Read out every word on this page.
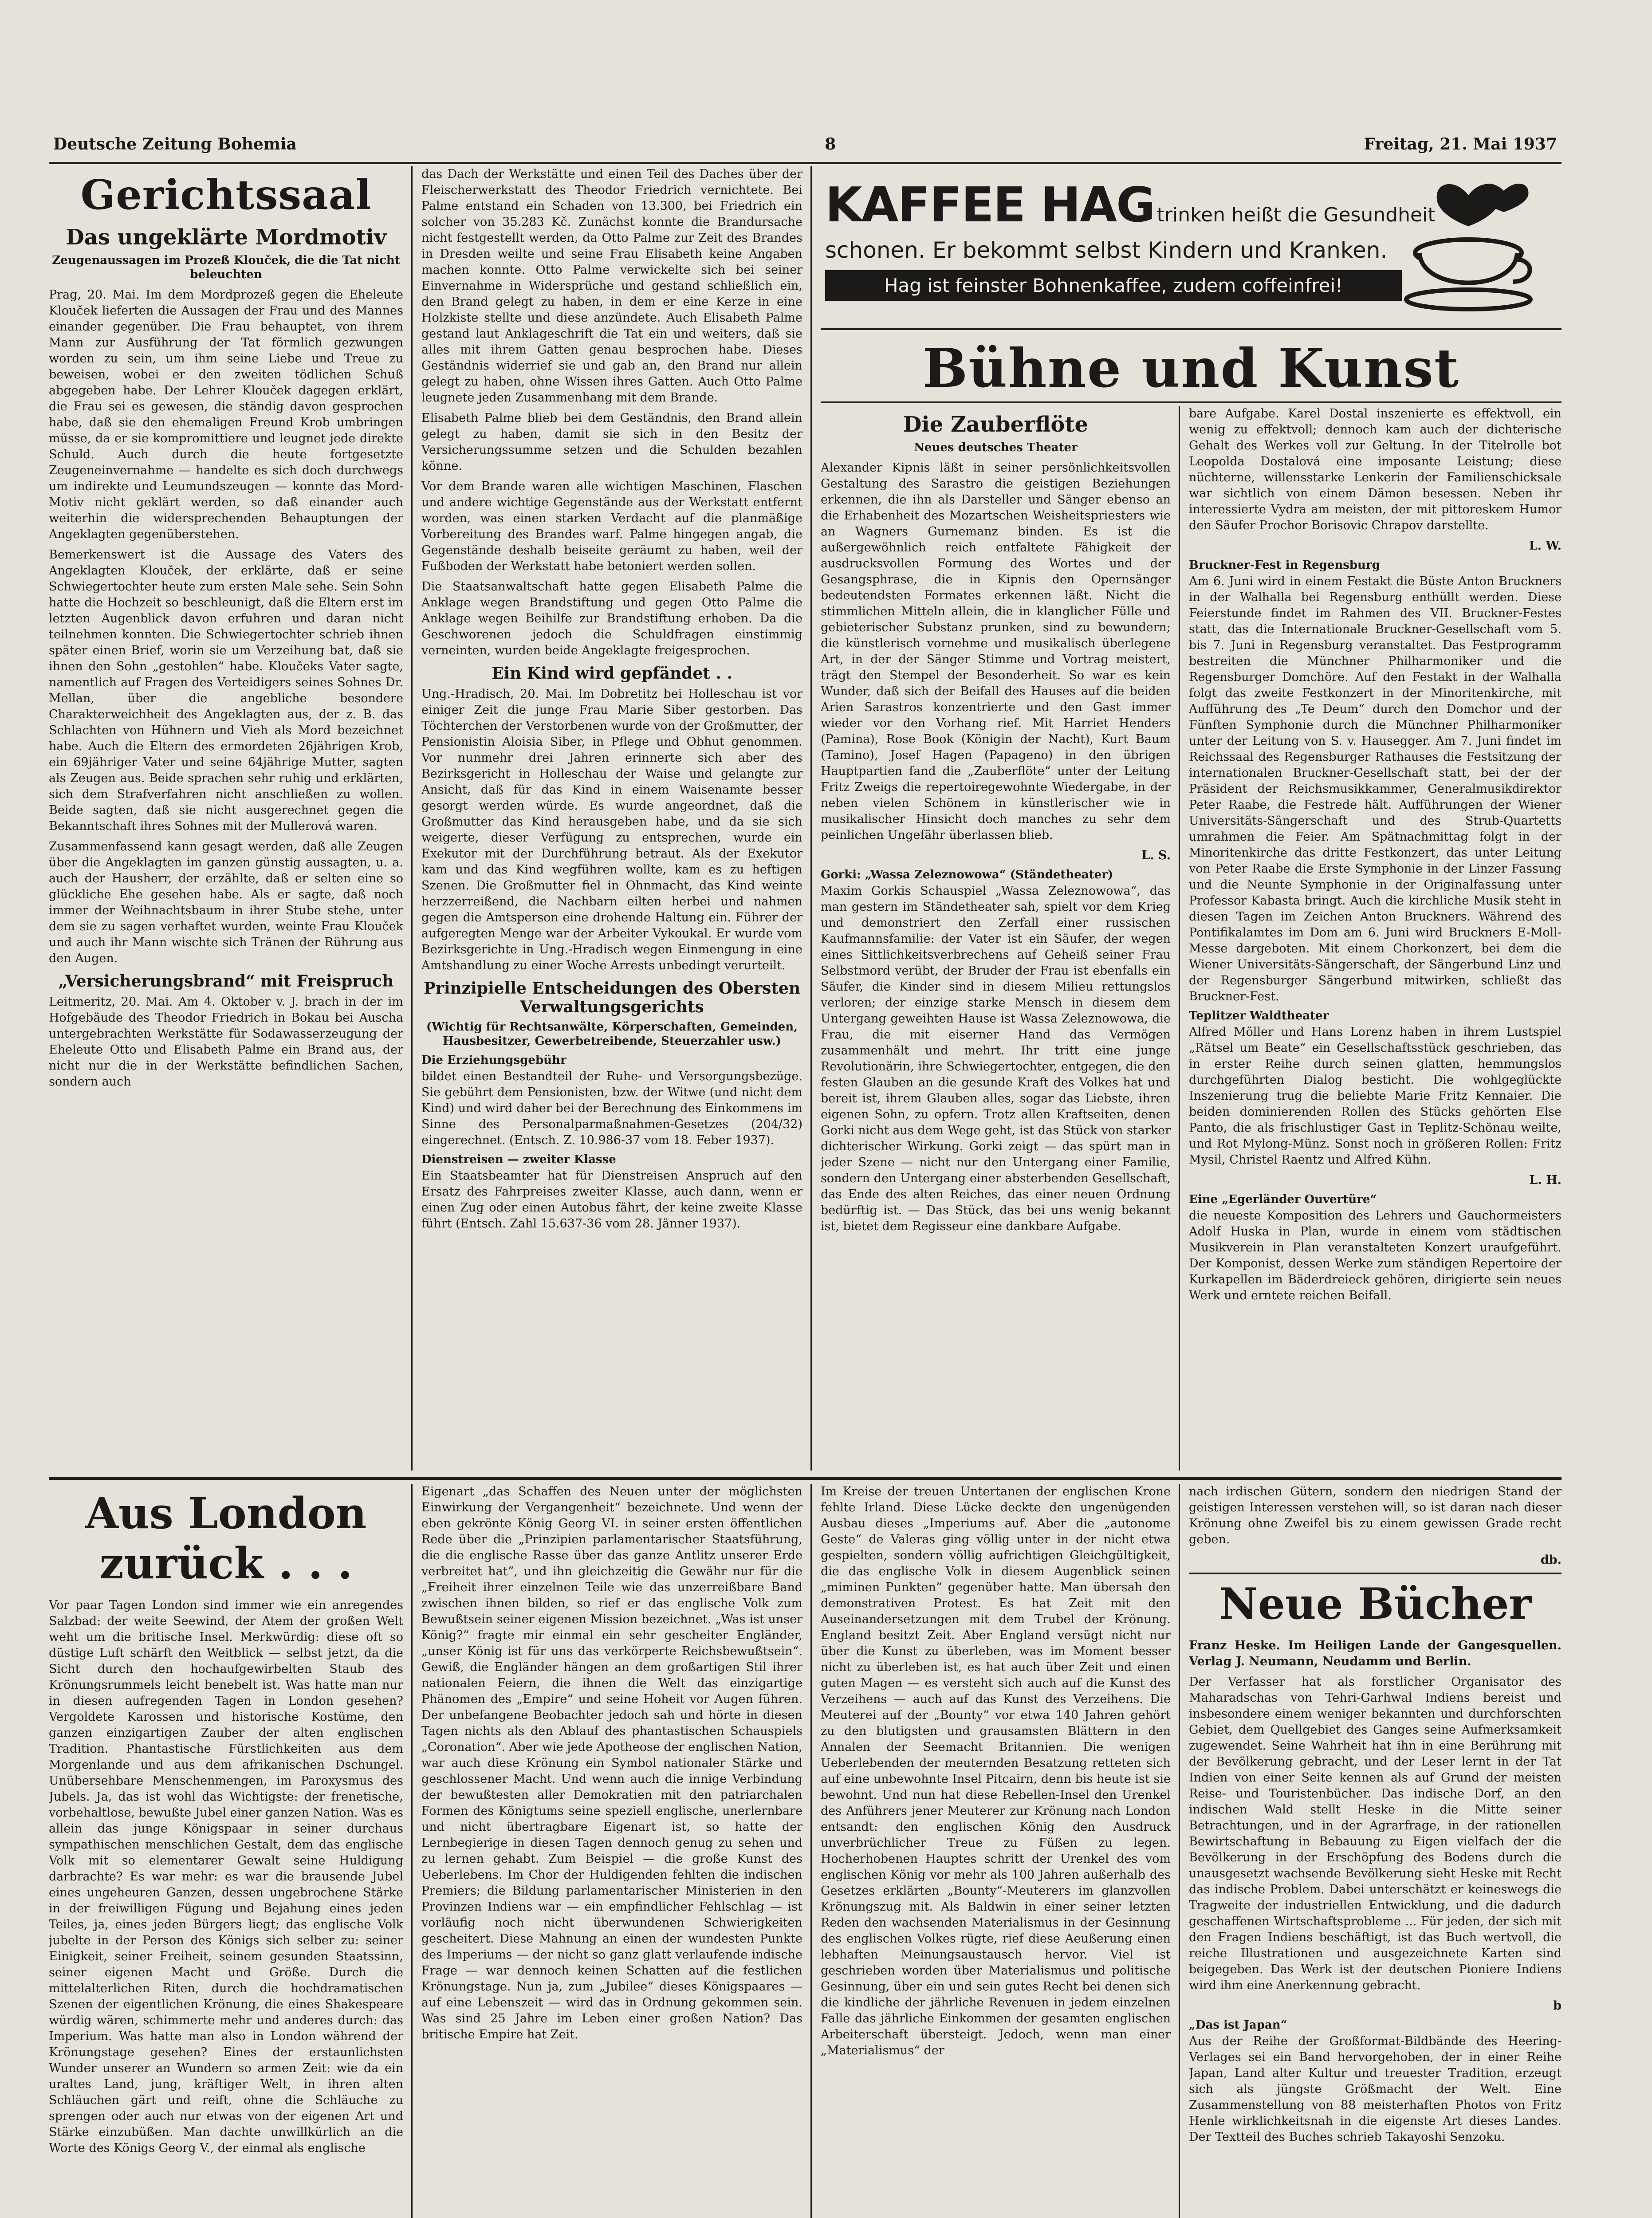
Deutsche Zeitung Bohemia	8	Freitag, 21. Mai 1937
Gerichtssaal
Das ungeklärte Mordmotiv
Zeugenaussagen im Prozeß Klouček, die die Tat nicht beleuchten

Prag, 20. Mai. Im dem Mordprozeß gegen die Eheleute Klouček lieferten die Aussagen der Frau und des Mannes einander gegenüber. Die Frau behauptet, von ihrem Mann zur Ausführung der Tat förmlich gezwungen worden zu sein, um ihm seine Liebe und Treue zu beweisen, wobei er den zweiten tödlichen Schuß abgegeben habe. Der Lehrer Klouček dagegen erklärt, die Frau sei es gewesen, die ständig davon gesprochen habe, daß sie den ehemaligen Freund Krob umbringen müsse, da er sie kompromittiere und leugnet jede direkte Schuld. Auch durch die heute fortgesetzte Zeugeneinvernahme — handelte es sich doch durchwegs um indirekte und Leumundszeugen — konnte das Mord-Motiv nicht geklärt werden, so daß einander auch weiterhin die widersprechenden Behauptungen der Angeklagten gegenüberstehen.

Bemerkenswert ist die Aussage des Vaters des Angeklagten Klouček, der erklärte, daß er seine Schwiegertochter heute zum ersten Male sehe. Sein Sohn hatte die Hochzeit so beschleunigt, daß die Eltern erst im letzten Augenblick davon erfuhren und daran nicht teilnehmen konnten. Die Schwiegertochter schrieb ihnen später einen Brief, worin sie um Verzeihung bat, daß sie ihnen den Sohn „gestohlen“ habe. Kloučeks Vater sagte, namentlich auf Fragen des Verteidigers seines Sohnes Dr. Mellan, über die angebliche besondere Charakterweichheit des Angeklagten aus, der z. B. das Schlachten von Hühnern und Vieh als Mord bezeichnet habe. Auch die Eltern des ermordeten 26jährigen Krob, ein 69jähriger Vater und seine 64jährige Mutter, sagten als Zeugen aus. Beide sprachen sehr ruhig und erklärten, sich dem Strafverfahren nicht anschließen zu wollen. Beide sagten, daß sie nicht ausgerechnet gegen die Bekanntschaft ihres Sohnes mit der Mullerová waren.

Zusammenfassend kann gesagt werden, daß alle Zeugen über die Angeklagten im ganzen günstig aussagten, u. a. auch der Hausherr, der erzählte, daß er selten eine so glückliche Ehe gesehen habe. Als er sagte, daß noch immer der Weihnachtsbaum in ihrer Stube stehe, unter dem sie zu sagen verhaftet wurden, weinte Frau Klouček und auch ihr Mann wischte sich Tränen der Rührung aus den Augen.

„Versicherungsbrand“ mit Freispruch

Leitmeritz, 20. Mai. Am 4. Oktober v. J. brach in der im Hofgebäude des Theodor Friedrich in Bokau bei Auscha untergebrachten Werkstätte für Sodawasserzeugung der Eheleute Otto und Elisabeth Palme ein Brand aus, der nicht nur die in der Werkstätte befindlichen Sachen, sondern auch

das Dach der Werkstätte und einen Teil des Daches über der Fleischerwerkstatt des Theodor Friedrich vernichtete. Bei Palme entstand ein Schaden von 13.300, bei Friedrich ein solcher von 35.283 Kč. Zunächst konnte die Brandursache nicht festgestellt werden, da Otto Palme zur Zeit des Brandes in Dresden weilte und seine Frau Elisabeth keine Angaben machen konnte. Otto Palme verwickelte sich bei seiner Einvernahme in Widersprüche und gestand schließlich ein, den Brand gelegt zu haben, in dem er eine Kerze in eine Holzkiste stellte und diese anzündete. Auch Elisabeth Palme gestand laut Anklageschrift die Tat ein und weiters, daß sie alles mit ihrem Gatten genau besprochen habe. Dieses Geständnis widerrief sie und gab an, den Brand nur allein gelegt zu haben, ohne Wissen ihres Gatten. Auch Otto Palme leugnete jeden Zusammenhang mit dem Brande.

Elisabeth Palme blieb bei dem Geständnis, den Brand allein gelegt zu haben, damit sie sich in den Besitz der Versicherungssumme setzen und die Schulden bezahlen könne.

Vor dem Brande waren alle wichtigen Maschinen, Flaschen und andere wichtige Gegenstände aus der Werkstatt entfernt worden, was einen starken Verdacht auf die planmäßige Vorbereitung des Brandes warf. Palme hingegen angab, die Gegenstände deshalb beiseite geräumt zu haben, weil der Fußboden der Werkstatt habe betoniert werden sollen.

Die Staatsanwaltschaft hatte gegen Elisabeth Palme die Anklage wegen Brandstiftung und gegen Otto Palme die Anklage wegen Beihilfe zur Brandstiftung erhoben. Da die Geschworenen jedoch die Schuldfragen einstimmig verneinten, wurden beide Angeklagte freigesprochen.

Ein Kind wird gepfändet . .

Ung.-Hradisch, 20. Mai. Im Dobretitz bei Holleschau ist vor einiger Zeit die junge Frau Marie Siber gestorben. Das Töchterchen der Verstorbenen wurde von der Großmutter, der Pensionistin Aloisia Siber, in Pflege und Obhut genommen. Vor nunmehr drei Jahren erinnerte sich aber des Bezirksgericht in Holleschau der Waise und gelangte zur Ansicht, daß für das Kind in einem Waisenamte besser gesorgt werden würde. Es wurde angeordnet, daß die Großmutter das Kind herausgeben habe, und da sie sich weigerte, dieser Verfügung zu entsprechen, wurde ein Exekutor mit der Durchführung betraut. Als der Exekutor kam und das Kind wegführen wollte, kam es zu heftigen Szenen. Die Großmutter fiel in Ohnmacht, das Kind weinte herzzerreißend, die Nachbarn eilten herbei und nahmen gegen die Amtsperson eine drohende Haltung ein. Führer der aufgeregten Menge war der Arbeiter Vykoukal. Er wurde vom Bezirksgerichte in Ung.-Hradisch wegen Einmengung in eine Amtshandlung zu einer Woche Arrests unbedingt verurteilt.

Prinzipielle Entscheidungen des Obersten Verwaltungsgerichts
(Wichtig für Rechtsanwälte, Körperschaften, Gemeinden, Hausbesitzer, Gewerbetreibende, Steuerzahler usw.)
Die Erziehungsgebühr

bildet einen Bestandteil der Ruhe- und Versorgungsbezüge. Sie gebührt dem Pensionisten, bzw. der Witwe (und nicht dem Kind) und wird daher bei der Berechnung des Einkommens im Sinne des Personalparmaßnahmen-Gesetzes (204/32) eingerechnet. (Entsch. Z. 10.986-37 vom 18. Feber 1937).

Dienstreisen — zweiter Klasse

Ein Staatsbeamter hat für Dienstreisen Anspruch auf den Ersatz des Fahrpreises zweiter Klasse, auch dann, wenn er einen Zug oder einen Autobus fährt, der keine zweite Klasse führt (Entsch. Zahl 15.637-36 vom 28. Jänner 1937).

KAFFEE HAG trinken heißt die Gesundheit
schonen. Er bekommt selbst Kindern und Kranken.
Hag ist feinster Bohnenkaffee, zudem coffeinfrei!
Bühne und Kunst
Die Zauberflöte
Neues deutsches Theater

Alexander Kipnis läßt in seiner persönlichkeitsvollen Gestaltung des Sarastro die geistigen Beziehungen erkennen, die ihn als Darsteller und Sänger ebenso an die Erhabenheit des Mozartschen Weisheitspriesters wie an Wagners Gurnemanz binden. Es ist die außergewöhnlich reich entfaltete Fähigkeit der ausdrucksvollen Formung des Wortes und der Gesangsphrase, die in Kipnis den Opernsänger bedeutendsten Formates erkennen läßt. Nicht die stimmlichen Mitteln allein, die in klanglicher Fülle und gebieterischer Substanz prunken, sind zu bewundern; die künstlerisch vornehme und musikalisch überlegene Art, in der der Sänger Stimme und Vortrag meistert, trägt den Stempel der Besonderheit. So war es kein Wunder, daß sich der Beifall des Hauses auf die beiden Arien Sarastros konzentrierte und den Gast immer wieder vor den Vorhang rief. Mit Harriet Henders (Pamina), Rose Book (Königin der Nacht), Kurt Baum (Tamino), Josef Hagen (Papageno) in den übrigen Hauptpartien fand die „Zauberflöte“ unter der Leitung Fritz Zweigs die repertoiregewohnte Wiedergabe, in der neben vielen Schönem in künstlerischer wie in musikalischer Hinsicht doch manches zu sehr dem peinlichen Ungefähr überlassen blieb.

L. S.

Gorki: „Wassa Zeleznowowa“ (Ständetheater)

Maxim Gorkis Schauspiel „Wassa Zeleznowowa“, das man gestern im Ständetheater sah, spielt vor dem Krieg und demonstriert den Zerfall einer russischen Kaufmannsfamilie: der Vater ist ein Säufer, der wegen eines Sittlichkeitsverbrechens auf Geheiß seiner Frau Selbstmord verübt, der Bruder der Frau ist ebenfalls ein Säufer, die Kinder sind in diesem Milieu rettungslos verloren; der einzige starke Mensch in diesem dem Untergang geweihten Hause ist Wassa Zeleznowowa, die Frau, die mit eiserner Hand das Vermögen zusammenhält und mehrt. Ihr tritt eine junge Revolutionärin, ihre Schwiegertochter, entgegen, die den festen Glauben an die gesunde Kraft des Volkes hat und bereit ist, ihrem Glauben alles, sogar das Liebste, ihren eigenen Sohn, zu opfern. Trotz allen Kraftseiten, denen Gorki nicht aus dem Wege geht, ist das Stück von starker dichterischer Wirkung. Gorki zeigt — das spürt man in jeder Szene — nicht nur den Untergang einer Familie, sondern den Untergang einer absterbenden Gesellschaft, das Ende des alten Reiches, das einer neuen Ordnung bedürftig ist. — Das Stück, das bei uns wenig bekannt ist, bietet dem Regisseur eine dankbare Aufgabe.

bare Aufgabe. Karel Dostal inszenierte es effektvoll, ein wenig zu effektvoll; dennoch kam auch der dichterische Gehalt des Werkes voll zur Geltung. In der Titelrolle bot Leopolda Dostalová eine imposante Leistung; diese nüchterne, willensstarke Lenkerin der Familienschicksale war sichtlich von einem Dämon besessen. Neben ihr interessierte Vydra am meisten, der mit pittoreskem Humor den Säufer Prochor Borisovic Chrapov darstellte.

L. W.

Bruckner-Fest in Regensburg

Am 6. Juni wird in einem Festakt die Büste Anton Bruckners in der Walhalla bei Regensburg enthüllt werden. Diese Feierstunde findet im Rahmen des VII. Bruckner-Festes statt, das die Internationale Bruckner-Gesellschaft vom 5. bis 7. Juni in Regensburg veranstaltet. Das Festprogramm bestreiten die Münchner Philharmoniker und die Regensburger Domchöre. Auf den Festakt in der Walhalla folgt das zweite Festkonzert in der Minoritenkirche, mit Aufführung des „Te Deum“ durch den Domchor und der Fünften Symphonie durch die Münchner Philharmoniker unter der Leitung von S. v. Hausegger. Am 7. Juni findet im Reichssaal des Regensburger Rathauses die Festsitzung der internationalen Bruckner-Gesellschaft statt, bei der der Präsident der Reichsmusikkammer, Generalmusikdirektor Peter Raabe, die Festrede hält. Aufführungen der Wiener Universitäts-Sängerschaft und des Strub-Quartetts umrahmen die Feier. Am Spätnachmittag folgt in der Minoritenkirche das dritte Festkonzert, das unter Leitung von Peter Raabe die Erste Symphonie in der Linzer Fassung und die Neunte Symphonie in der Originalfassung unter Professor Kabasta bringt. Auch die kirchliche Musik steht in diesen Tagen im Zeichen Anton Bruckners. Während des Pontifikalamtes im Dom am 6. Juni wird Bruckners E-Moll-Messe dargeboten. Mit einem Chorkonzert, bei dem die Wiener Universitäts-Sängerschaft, der Sängerbund Linz und der Regensburger Sängerbund mitwirken, schließt das Bruckner-Fest.

Teplitzer Waldtheater

Alfred Möller und Hans Lorenz haben in ihrem Lustspiel „Rätsel um Beate“ ein Gesellschaftsstück geschrieben, das in erster Reihe durch seinen glatten, hemmungslos durchgeführten Dialog besticht. Die wohlgeglückte Inszenierung trug die beliebte Marie Fritz Kennaier. Die beiden dominierenden Rollen des Stücks gehörten Else Panto, die als frischlustiger Gast in Teplitz-Schönau weilte, und Rot Mylong-Münz. Sonst noch in größeren Rollen: Fritz Mysil, Christel Raentz und Alfred Kühn.

L. H.

Eine „Egerländer Ouvertüre“

die neueste Komposition des Lehrers und Gauchormeisters Adolf Huska in Plan, wurde in einem vom städtischen Musikverein in Plan veranstalteten Konzert uraufgeführt. Der Komponist, dessen Werke zum ständigen Repertoire der Kurkapellen im Bäderdreieck gehören, dirigierte sein neues Werk und erntete reichen Beifall.

Aus London zurück . . .

Vor paar Tagen London sind immer wie ein anregendes Salzbad: der weite Seewind, der Atem der großen Welt weht um die britische Insel. Merkwürdig: diese oft so düstige Luft schärft den Weitblick — selbst jetzt, da die Sicht durch den hochaufgewirbelten Staub des Krönungsrummels leicht benebelt ist. Was hatte man nur in diesen aufregenden Tagen in London gesehen? Vergoldete Karossen und historische Kostüme, den ganzen einzigartigen Zauber der alten englischen Tradition. Phantastische Fürstlichkeiten aus dem Morgenlande und aus dem afrikanischen Dschungel. Unübersehbare Menschenmengen, im Paroxysmus des Jubels. Ja, das ist wohl das Wichtigste: der frenetische, vorbehaltlose, bewußte Jubel einer ganzen Nation. Was es allein das junge Königspaar in seiner durchaus sympathischen menschlichen Gestalt, dem das englische Volk mit so elementarer Gewalt seine Huldigung darbrachte? Es war mehr: es war die brausende Jubel eines ungeheuren Ganzen, dessen ungebrochene Stärke in der freiwilligen Fügung und Bejahung eines jeden Teiles, ja, eines jeden Bürgers liegt; das englische Volk jubelte in der Person des Königs sich selber zu: seiner Einigkeit, seiner Freiheit, seinem gesunden Staatssinn, seiner eigenen Macht und Größe. Durch die mittelalterlichen Riten, durch die hochdramatischen Szenen der eigentlichen Krönung, die eines Shakespeare würdig wären, schimmerte mehr und anderes durch: das Imperium. Was hatte man also in London während der Krönungstage gesehen? Eines der erstaunlichsten Wunder unserer an Wundern so armen Zeit: wie da ein uraltes Land, jung, kräftiger Welt, in ihren alten Schläuchen gärt und reift, ohne die Schläuche zu sprengen oder auch nur etwas von der eigenen Art und Stärke einzubüßen. Man dachte unwillkürlich an die Worte des Königs Georg V., der einmal als englische

Eigenart „das Schaffen des Neuen unter der möglichsten Einwirkung der Vergangenheit“ bezeichnete. Und wenn der eben gekrönte König Georg VI. in seiner ersten öffentlichen Rede über die „Prinzipien parlamentarischer Staatsführung, die die englische Rasse über das ganze Antlitz unserer Erde verbreitet hat“, und ihn gleichzeitig die Gewähr nur für die „Freiheit ihrer einzelnen Teile wie das unzerreißbare Band zwischen ihnen bilden, so rief er das englische Volk zum Bewußtsein seiner eigenen Mission bezeichnet. „Was ist unser König?“ fragte mir einmal ein sehr gescheiter Engländer, „unser König ist für uns das verkörperte Reichsbewußtsein“. Gewiß, die Engländer hängen an dem großartigen Stil ihrer nationalen Feiern, die ihnen die Welt das einzigartige Phänomen des „Empire“ und seine Hoheit vor Augen führen. Der unbefangene Beobachter jedoch sah und hörte in diesen Tagen nichts als den Ablauf des phantastischen Schauspiels „Coronation“. Aber wie jede Apotheose der englischen Nation, war auch diese Krönung ein Symbol nationaler Stärke und geschlossener Macht. Und wenn auch die innige Verbindung der bewußtesten aller Demokratien mit den patriarchalen Formen des Königtums seine speziell englische, unerlernbare und nicht übertragbare Eigenart ist, so hatte der Lernbegierige in diesen Tagen dennoch genug zu sehen und zu lernen gehabt. Zum Beispiel — die große Kunst des Ueberlebens. Im Chor der Huldigenden fehlten die indischen Premiers; die Bildung parlamentarischer Ministerien in den Provinzen Indiens war — ein empfindlicher Fehlschlag — ist vorläufig noch nicht überwundenen Schwierigkeiten gescheitert. Diese Mahnung an einen der wundesten Punkte des Imperiums — der nicht so ganz glatt verlaufende indische Frage — war dennoch keinen Schatten auf die festlichen Krönungstage. Nun ja, zum „Jubilee“ dieses Königspaares — auf eine Lebenszeit — wird das in Ordnung gekommen sein. Was sind 25 Jahre im Leben einer großen Nation? Das britische Empire hat Zeit.

Im Kreise der treuen Untertanen der englischen Krone fehlte Irland. Diese Lücke deckte den ungenügenden Ausbau dieses „Imperiums auf. Aber die „autonome Geste“ de Valeras ging völlig unter in der nicht etwa gespielten, sondern völlig aufrichtigen Gleichgültigkeit, die das englische Volk in diesem Augenblick seinen „miminen Punkten“ gegenüber hatte. Man übersah den demonstrativen Protest. Es hat Zeit mit den Auseinandersetzungen mit dem Trubel der Krönung. England besitzt Zeit. Aber England versügt nicht nur über die Kunst zu überleben, was im Moment besser nicht zu überleben ist, es hat auch über Zeit und einen guten Magen — es versteht sich auch auf die Kunst des Verzeihens — auch auf das Kunst des Verzeihens. Die Meuterei auf der „Bounty“ vor etwa 140 Jahren gehört zu den blutigsten und grausamsten Blättern in den Annalen der Seemacht Britannien. Die wenigen Ueberlebenden der meuternden Besatzung retteten sich auf eine unbewohnte Insel Pitcairn, denn bis heute ist sie bewohnt. Und nun hat diese Rebellen-Insel den Urenkel des Anführers jener Meuterer zur Krönung nach London entsandt: den englischen König den Ausdruck unverbrüchlicher Treue zu Füßen zu legen. Hocherhobenen Hauptes schritt der Urenkel des vom englischen König vor mehr als 100 Jahren außerhalb des Gesetzes erklärten „Bounty“-Meuterers im glanzvollen Krönungszug mit. Als Baldwin in einer seiner letzten Reden den wachsenden Materialismus in der Gesinnung des englischen Volkes rügte, rief diese Aeußerung einen lebhaften Meinungsaustausch hervor. Viel ist geschrieben worden über Materialismus und politische Gesinnung, über ein und sein gutes Recht bei denen sich die kindliche der jährliche Revenuen in jedem einzelnen Falle das jährliche Einkommen der gesamten englischen Arbeiterschaft übersteigt. Jedoch, wenn man einer „Materialismus“ der

nach irdischen Gütern, sondern den niedrigen Stand der geistigen Interessen verstehen will, so ist daran nach dieser Krönung ohne Zweifel bis zu einem gewissen Grade recht geben.

db.

Neue Bücher

Franz Heske. Im Heiligen Lande der Gangesquellen. Verlag J. Neumann, Neudamm und Berlin.

Der Verfasser hat als forstlicher Organisator des Maharadschas von Tehri-Garhwal Indiens bereist und insbesondere einem weniger bekannten und durchforschten Gebiet, dem Quellgebiet des Ganges seine Aufmerksamkeit zugewendet. Seine Wahrheit hat ihn in eine Berührung mit der Bevölkerung gebracht, und der Leser lernt in der Tat Indien von einer Seite kennen als auf Grund der meisten Reise- und Touristenbücher. Das indische Dorf, an den indischen Wald stellt Heske in die Mitte seiner Betrachtungen, und in der Agrarfrage, in der rationellen Bewirtschaftung in Bebauung zu Eigen vielfach der die Bevölkerung in der Erschöpfung des Bodens durch die unausgesetzt wachsende Bevölkerung sieht Heske mit Recht das indische Problem. Dabei unterschätzt er keineswegs die Tragweite der industriellen Entwicklung, und die dadurch geschaffenen Wirtschaftsprobleme ... Für jeden, der sich mit den Fragen Indiens beschäftigt, ist das Buch wertvoll, die reiche Illustrationen und ausgezeichnete Karten sind beigegeben. Das Werk ist der deutschen Pioniere Indiens wird ihm eine Anerkennung gebracht.

b

„Das ist Japan“

Aus der Reihe der Großformat-Bildbände des Heering-Verlages sei ein Band hervorgehoben, der in einer Reihe Japan, Land alter Kultur und treuester Tradition, erzeugt sich als jüngste Größmacht der Welt. Eine Zusammenstellung von 88 meisterhaften Photos von Fritz Henle wirklichkeitsnah in die eigenste Art dieses Landes. Der Textteil des Buches schrieb Takayoshi Senzoku.
